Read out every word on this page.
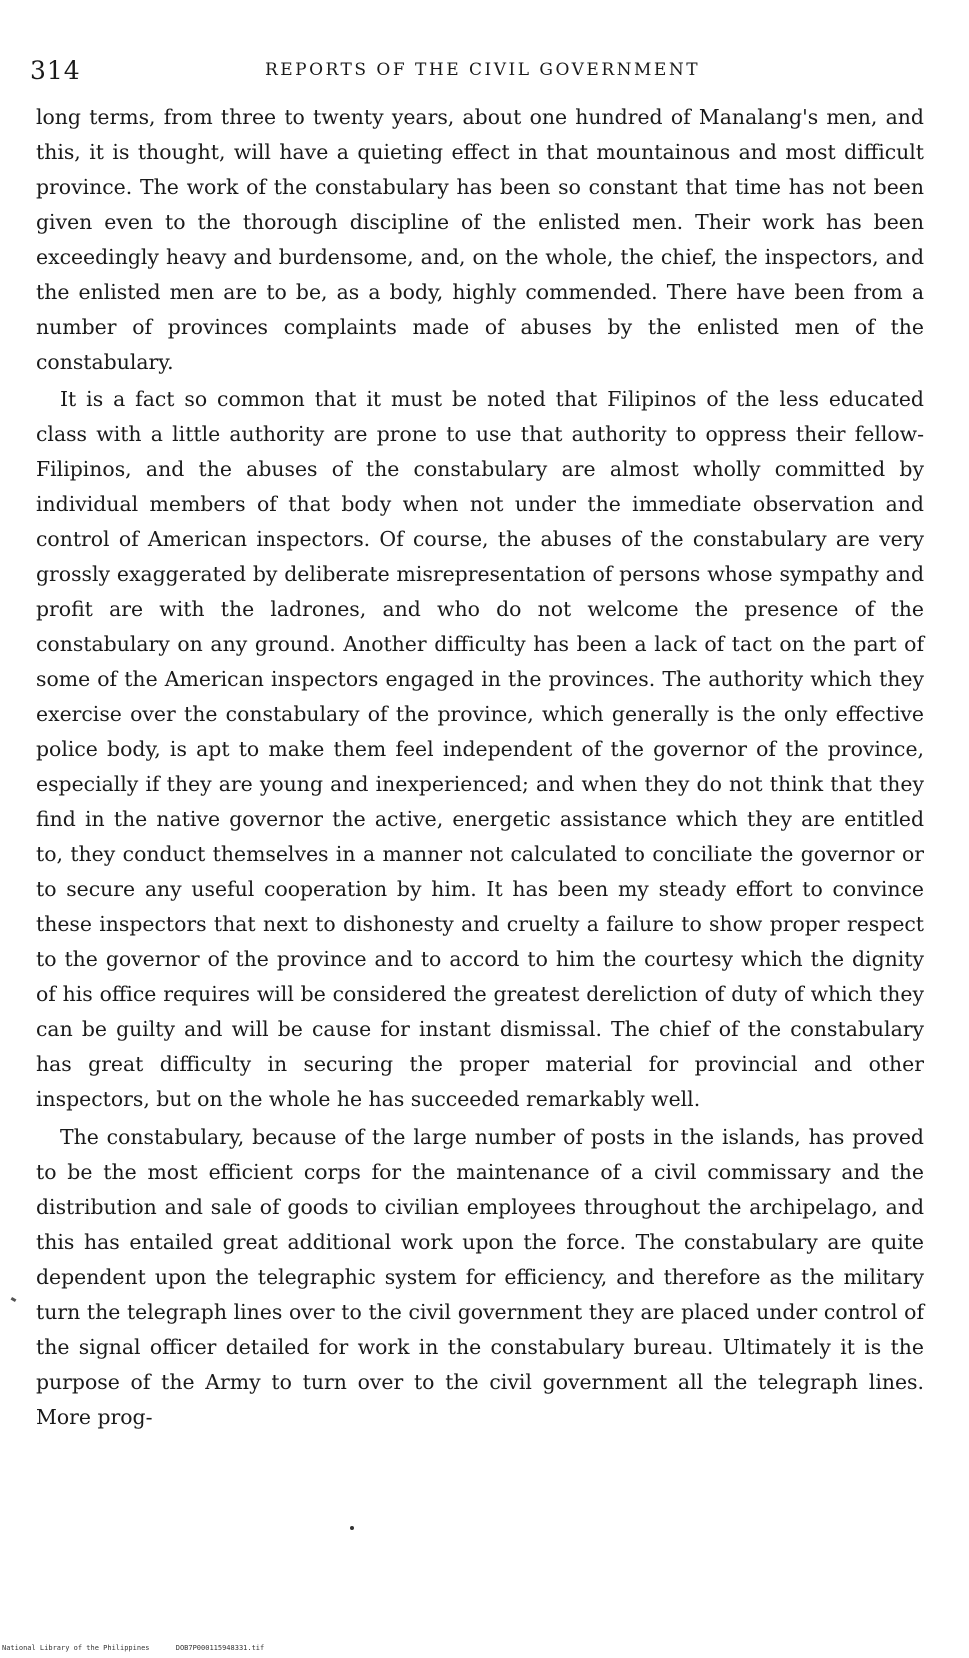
314	REPORTS OF THE CIVIL GOVERNMENT

long terms, from three to twenty years, about one hundred of Manalang's men, and this, it is thought, will have a quieting effect in that mountainous and most difficult province. The work of the constabulary has been so constant that time has not been given even to the thorough discipline of the enlisted men. Their work has been exceedingly heavy and burdensome, and, on the whole, the chief, the inspectors, and the enlisted men are to be, as a body, highly commended. There have been from a number of provinces complaints made of abuses by the enlisted men of the constabulary.

It is a fact so common that it must be noted that Filipinos of the less educated class with a little authority are prone to use that authority to oppress their fellow-Filipinos, and the abuses of the constabulary are almost wholly committed by individual members of that body when not under the immediate observation and control of American inspectors. Of course, the abuses of the constabulary are very grossly exaggerated by deliberate misrepresentation of persons whose sympathy and profit are with the ladrones, and who do not welcome the presence of the constabulary on any ground. Another difficulty has been a lack of tact on the part of some of the American inspectors engaged in the provinces. The authority which they exercise over the constabulary of the province, which generally is the only effective police body, is apt to make them feel independent of the governor of the province, especially if they are young and inexperienced; and when they do not think that they find in the native governor the active, energetic assistance which they are entitled to, they conduct themselves in a manner not calculated to conciliate the governor or to secure any useful cooperation by him. It has been my steady effort to convince these inspectors that next to dishonesty and cruelty a failure to show proper respect to the governor of the province and to accord to him the courtesy which the dignity of his office requires will be considered the greatest dereliction of duty of which they can be guilty and will be cause for instant dismissal. The chief of the constabulary has great difficulty in securing the proper material for provincial and other inspectors, but on the whole he has succeeded remarkably well.

The constabulary, because of the large number of posts in the islands, has proved to be the most efficient corps for the maintenance of a civil commissary and the distribution and sale of goods to civilian employees throughout the archipelago, and this has entailed great additional work upon the force. The constabulary are quite dependent upon the telegraphic system for efficiency, and therefore as the military turn the telegraph lines over to the civil government they are placed under control of the signal officer detailed for work in the constabulary bureau. Ultimately it is the purpose of the Army to turn over to the civil government all the telegraph lines. More prog-

National Library of the Philippines	DOB7P000115948331.tif
